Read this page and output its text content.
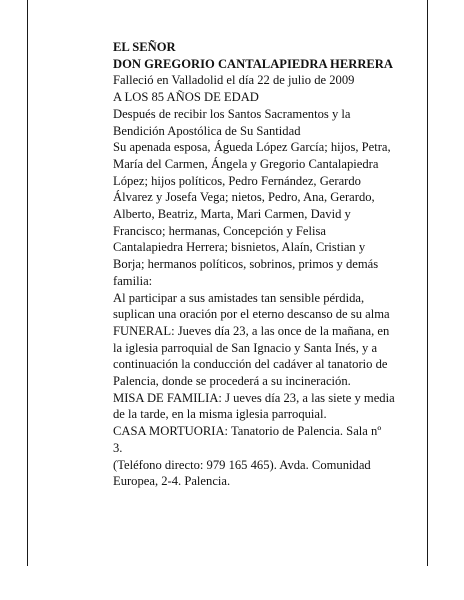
EL SEÑOR

DON GREGORIO CANTALAPIEDRA HERRERA

Falleció en Valladolid el día 22 de julio de 2009

A LOS 85 AÑOS DE EDAD

Después de recibir los Santos Sacramentos y la
Bendición Apostólica de Su Santidad

Su apenada esposa, Águeda López García; hijos, Petra,
María del Carmen, Ángela y Gregorio Cantalapiedra
López; hijos políticos, Pedro Fernández, Gerardo
Álvarez y Josefa Vega; nietos, Pedro, Ana, Gerardo,
Alberto, Beatriz, Marta, Mari Carmen, David y
Francisco; hermanas, Concepción y Felisa
Cantalapiedra Herrera; bisnietos, Alaín, Cristian y
Borja; hermanos políticos, sobrinos, primos y demás
familia:

Al participar a sus amistades tan sensible pérdida,
suplican una oración por el eterno descanso de su alma

FUNERAL: Jueves día 23, a las once de la mañana, en
la iglesia parroquial de San Ignacio y Santa Inés, y a
continuación la conducción del cadáver al tanatorio de
Palencia, donde se procederá a su incineración.

MISA DE FAMILIA: J ueves día 23, a las siete y media
de la tarde, en la misma iglesia parroquial.

CASA MORTUORIA: Tanatorio de Palencia. Sala nº
3.

(Teléfono directo: 979 165 465). Avda. Comunidad
Europea, 2-4. Palencia.
